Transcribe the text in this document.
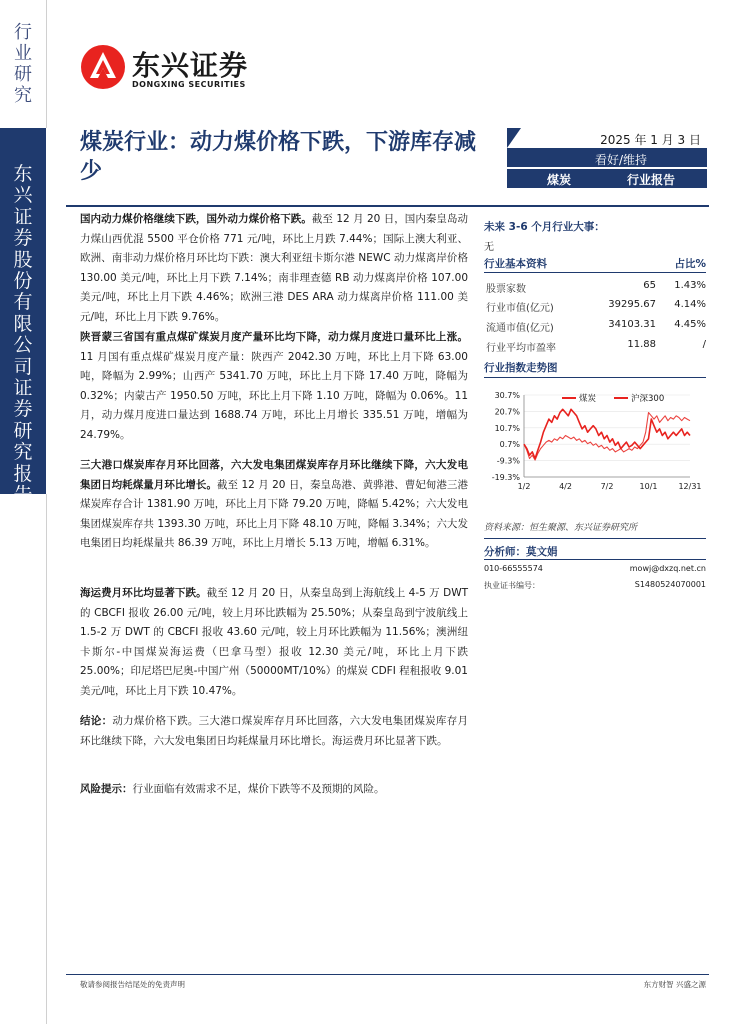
行业研究
东兴证券股份有限公司证券研究报
东兴证券
DONGXING SECURITIES
煤炭行业：动力煤价格下跌，下游库存减少
2025 年 1 月 3 日
看好/维持
煤炭	行业报告

国内动力煤价格继续下跌，国外动力煤价格下跌。截至 12 月 20 日，国内秦皇岛动力煤山西优混 5500 平仓价格 771 元/吨，环比上月跌 7.44%；国际上澳大利亚、欧洲、南非动力煤价格月环比均下跌：澳大利亚纽卡斯尔港 NEWC 动力煤离岸价格 130.00 美元/吨，环比上月下跌 7.14%；南非理查德 RB 动力煤离岸价格 107.00 美元/吨，环比上月下跌 4.46%；欧洲三港 DES ARA 动力煤离岸价格 111.00 美元/吨，环比上月下跌 9.76%。

陕晋蒙三省国有重点煤矿煤炭月度产量环比均下降，动力煤月度进口量环比上涨。11 月国有重点煤矿煤炭月度产量：陕西产 2042.30 万吨，环比上月下降 63.00 吨，降幅为 2.99%；山西产 5341.70 万吨，环比上月下降 17.40 万吨，降幅为 0.32%；内蒙古产 1950.50 万吨，环比上月下降 1.10 万吨，降幅为 0.06%。11 月，动力煤月度进口量达到 1688.74 万吨，环比上月增长 335.51 万吨，增幅为 24.79%。

三大港口煤炭库存月环比回落，六大发电集团煤炭库存月环比继续下降，六大发电集团日均耗煤量月环比增长。截至 12 月 20 日，秦皇岛港、黄骅港、曹妃甸港三港煤炭库存合计 1381.90 万吨，环比上月下降 79.20 万吨，降幅 5.42%；六大发电集团煤炭库存共 1393.30 万吨，环比上月下降 48.10 万吨，降幅 3.34%；六大发电集团日均耗煤量共 86.39 万吨，环比上月增长 5.13 万吨，增幅 6.31%。

海运费月环比均显著下跌。截至 12 月 20 日，从秦皇岛到上海航线上 4-5 万 DWT 的 CBCFI 报收 26.00 元/吨，较上月环比跌幅为 25.50%；从秦皇岛到宁波航线上 1.5-2 万 DWT 的 CBCFI 报收 43.60 元/吨，较上月环比跌幅为 11.56%；澳洲纽卡斯尔-中国煤炭海运费（巴拿马型）报收 12.30 美元/吨，环比上月下跌 25.00%；印尼塔巴尼奥-中国广州（50000MT/10%）的煤炭 CDFI 程租报收 9.01 美元/吨，环比上月下跌 10.47%。

结论：动力煤价格下跌。三大港口煤炭库存月环比回落，六大发电集团煤炭库存月环比继续下降，六大发电集团日均耗煤量月环比增长。海运费月环比显著下跌。

风险提示：行业面临有效需求不足，煤价下跌等不及预期的风险。

未来 3-6 个月行业大事：
无
行业基本资料	占比%
股票家数	65	1.43%
行业市值(亿元)	39295.67	4.14%
流通市值(亿元)	34103.31	4.45%
行业平均市盈率	11.88	/
行业指数走势图
30.7%
20.7%
10.7%
0.7%
-9.3%
-19.3%
1/2	4/2	7/2	10/1	12/31
煤炭	沪深300
资料来源：恒生聚源、东兴证券研究所
分析师：莫文娟
010-66555574	mowj@dxzq.net.cn
执业证书编号：	S1480524070001
敬请参阅报告结尾处的免责声明	东方财智 兴盛之源
